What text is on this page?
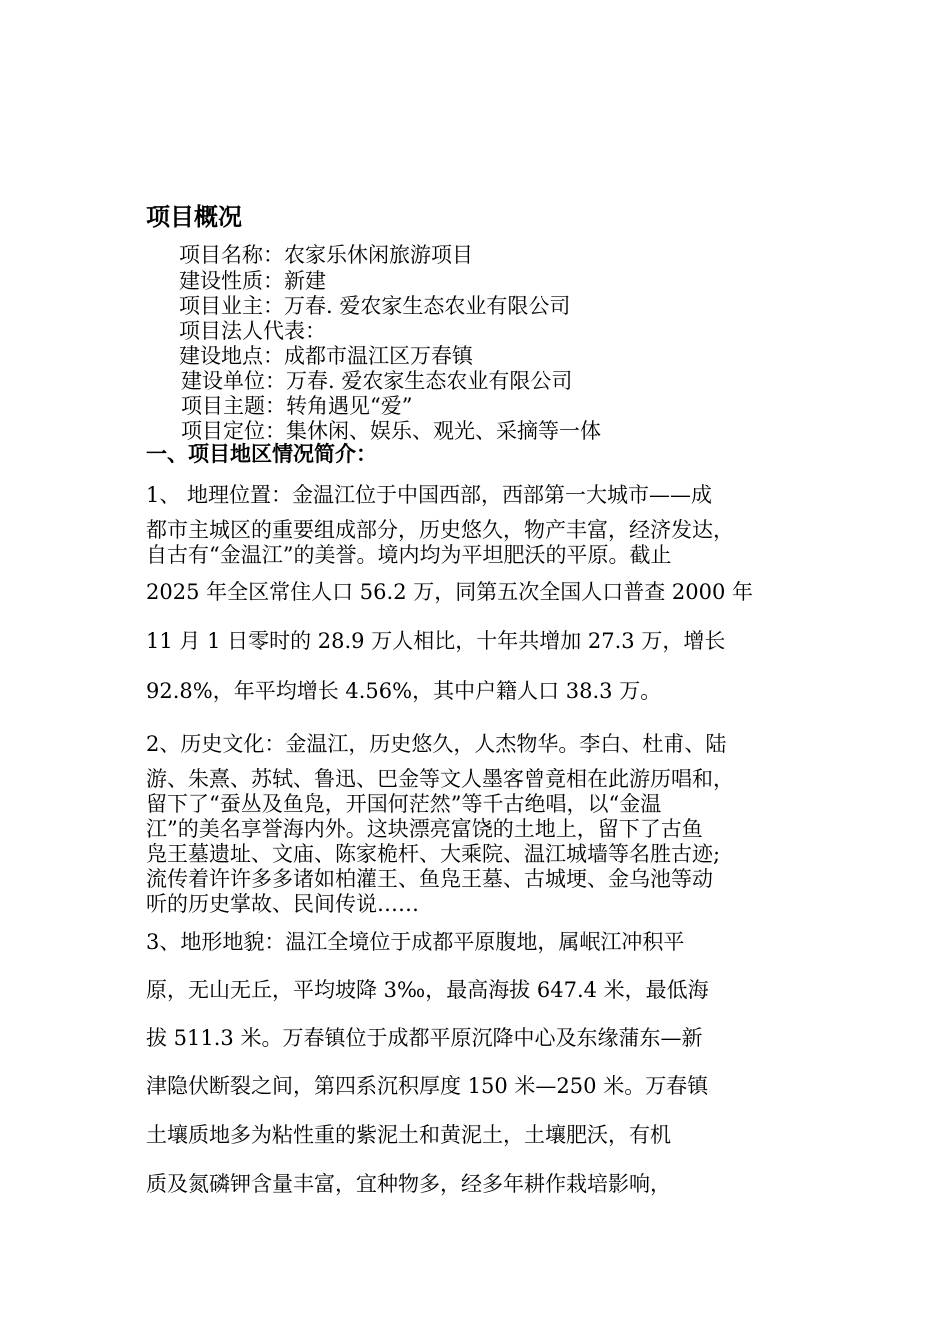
项目概况
项目名称：农家乐休闲旅游项目
建设性质：新建
项目业主：万春. 爱农家生态农业有限公司
项目法人代表：
建设地点：成都市温江区万春镇
建设单位：万春. 爱农家生态农业有限公司
项目主题：转角遇见“爱”
项目定位：集休闲、娱乐、观光、采摘等一体
一、项目地区情况简介：
1、 地理位置：金温江位于中国西部，西部第一大城市——成
都市主城区的重要组成部分，历史悠久，物产丰富，经济发达，
自古有“金温江”的美誉。境内均为平坦肥沃的平原。截止
2025 年全区常住人口 56.2 万，同第五次全国人口普查 2000 年
11 月 1 日零时的 28.9 万人相比，十年共增加 27.3 万，增长
92.8%，年平均增长 4.56%，其中户籍人口 38.3 万。
2、历史文化：金温江，历史悠久，人杰物华。李白、杜甫、陆
游、朱熹、苏轼、鲁迅、巴金等文人墨客曾竟相在此游历唱和，
留下了“蚕丛及鱼凫，开国何茫然”等千古绝唱，以“金温
江”的美名享誉海内外。这块漂亮富饶的土地上，留下了古鱼
凫王墓遗址、文庙、陈家桅杆、大乘院、温江城墙等名胜古迹;
流传着许许多多诸如柏灌王、鱼凫王墓、古城埂、金乌池等动
听的历史掌故、民间传说……
3、地形地貌：温江全境位于成都平原腹地，属岷江冲积平
原，无山无丘，平均坡降 3‰，最高海拔 647.4 米，最低海
拔 511.3 米。万春镇位于成都平原沉降中心及东缘蒲东—新
津隐伏断裂之间，第四系沉积厚度 150 米—250 米。万春镇
土壤质地多为粘性重的紫泥土和黄泥土，土壤肥沃，有机
质及氮磷钾含量丰富，宜种物多，经多年耕作栽培影响，
